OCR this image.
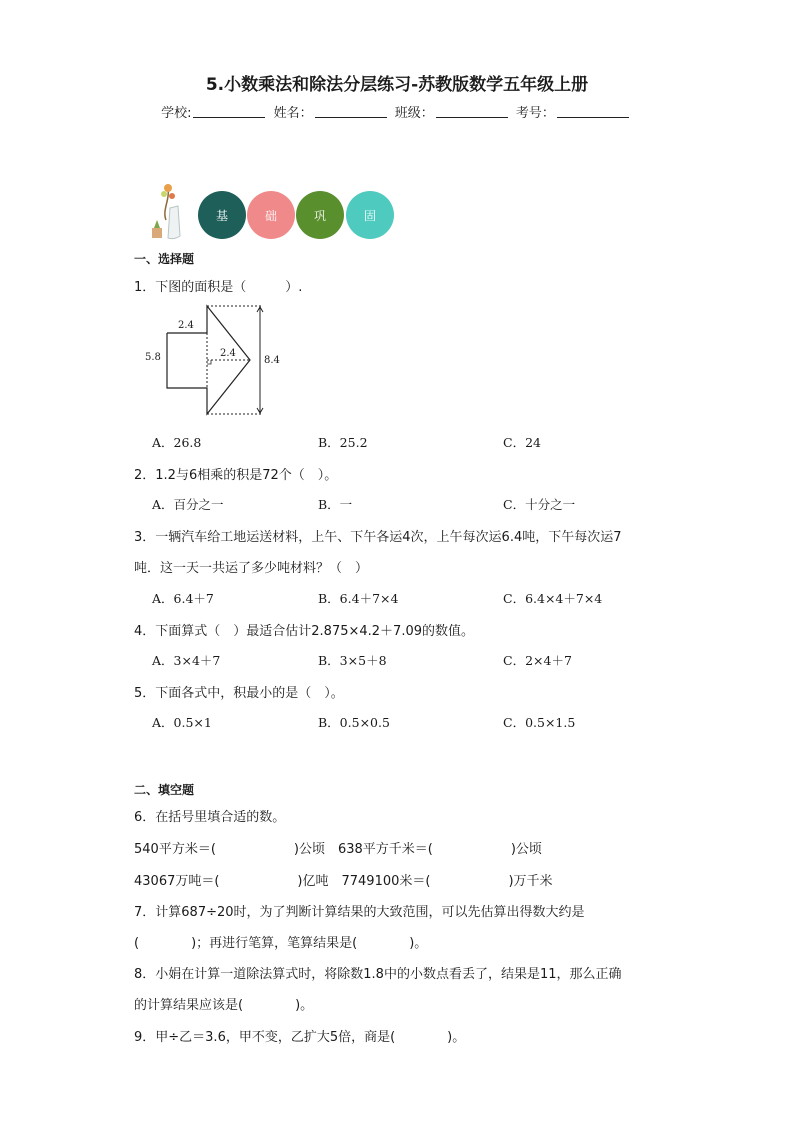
5.小数乘法和除法分层练习-苏教版数学五年级上册
学校:	姓名：	班级：	考号：
基	础	巩	固
一、选择题
1．下图的面积是（　　　）.
2.4
5.8	2.4
8.4
A．26.8	B．25.2	C．24
2．1.2与6相乘的积是72个（　）。
A．百分之一	B．一	C．十分之一
3．一辆汽车给工地运送材料，上午、下午各运4次，上午每次运6.4吨，下午每次运7
吨．这一天一共运了多少吨材料？（　）
A．6.4＋7	B．6.4＋7×4	C．6.4×4＋7×4
4．下面算式（　）最适合估计2.875×4.2＋7.09的数值。
A．3×4＋7	B．3×5＋8	C．2×4＋7
5．下面各式中，积最小的是（　）。
A．0.5×1	B．0.5×0.5	C．0.5×1.5
二、填空题
6．在括号里填合适的数。
540平方米＝(　　　　　　)公顷　638平方千米＝(　　　　　　)公顷
43067万吨＝(　　　　　　)亿吨　7749100米＝(　　　　　　)万千米
7．计算687÷20时，为了判断计算结果的大致范围，可以先估算出得数大约是
(　　　　)；再进行笔算，笔算结果是(　　　　)。
8．小娟在计算一道除法算式时，将除数1.8中的小数点看丢了，结果是11，那么正确
的计算结果应该是(　　　　)。
9．甲÷乙＝3.6，甲不变，乙扩大5倍，商是(　　　　)。
